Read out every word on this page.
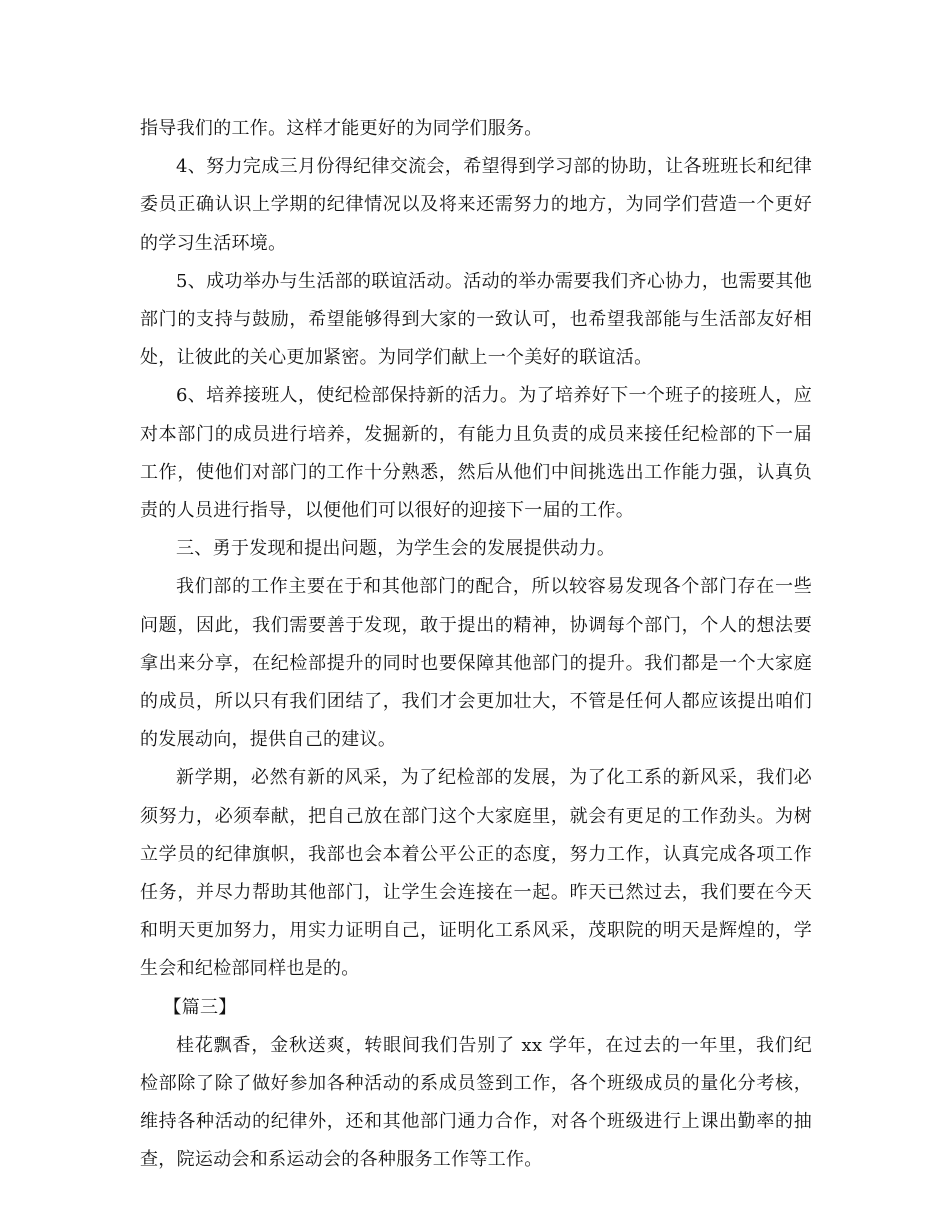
指导我们的工作。这样才能更好的为同学们服务。

4、努力完成三月份得纪律交流会，希望得到学习部的协助，让各班班长和纪律委员正确认识上学期的纪律情况以及将来还需努力的地方，为同学们营造一个更好的学习生活环境。

5、成功举办与生活部的联谊活动。活动的举办需要我们齐心协力，也需要其他部门的支持与鼓励，希望能够得到大家的一致认可，也希望我部能与生活部友好相处，让彼此的关心更加紧密。为同学们献上一个美好的联谊活。

6、培养接班人，使纪检部保持新的活力。为了培养好下一个班子的接班人，应对本部门的成员进行培养，发掘新的，有能力且负责的成员来接任纪检部的下一届工作，使他们对部门的工作十分熟悉，然后从他们中间挑选出工作能力强，认真负责的人员进行指导，以便他们可以很好的迎接下一届的工作。

三、勇于发现和提出问题，为学生会的发展提供动力。

我们部的工作主要在于和其他部门的配合，所以较容易发现各个部门存在一些问题，因此，我们需要善于发现，敢于提出的精神，协调每个部门，个人的想法要拿出来分享，在纪检部提升的同时也要保障其他部门的提升。我们都是一个大家庭的成员，所以只有我们团结了，我们才会更加壮大，不管是任何人都应该提出咱们的发展动向，提供自己的建议。

新学期，必然有新的风采，为了纪检部的发展，为了化工系的新风采，我们必须努力，必须奉献，把自己放在部门这个大家庭里，就会有更足的工作劲头。为树立学员的纪律旗帜，我部也会本着公平公正的态度，努力工作，认真完成各项工作任务，并尽力帮助其他部门，让学生会连接在一起。昨天已然过去，我们要在今天和明天更加努力，用实力证明自己，证明化工系风采，茂职院的明天是辉煌的，学生会和纪检部同样也是的。

【篇三】

桂花飘香，金秋送爽，转眼间我们告别了 xx 学年，在过去的一年里，我们纪检部除了除了做好参加各种活动的系成员签到工作，各个班级成员的量化分考核，维持各种活动的纪律外，还和其他部门通力合作，对各个班级进行上课出勤率的抽查，院运动会和系运动会的各种服务工作等工作。
